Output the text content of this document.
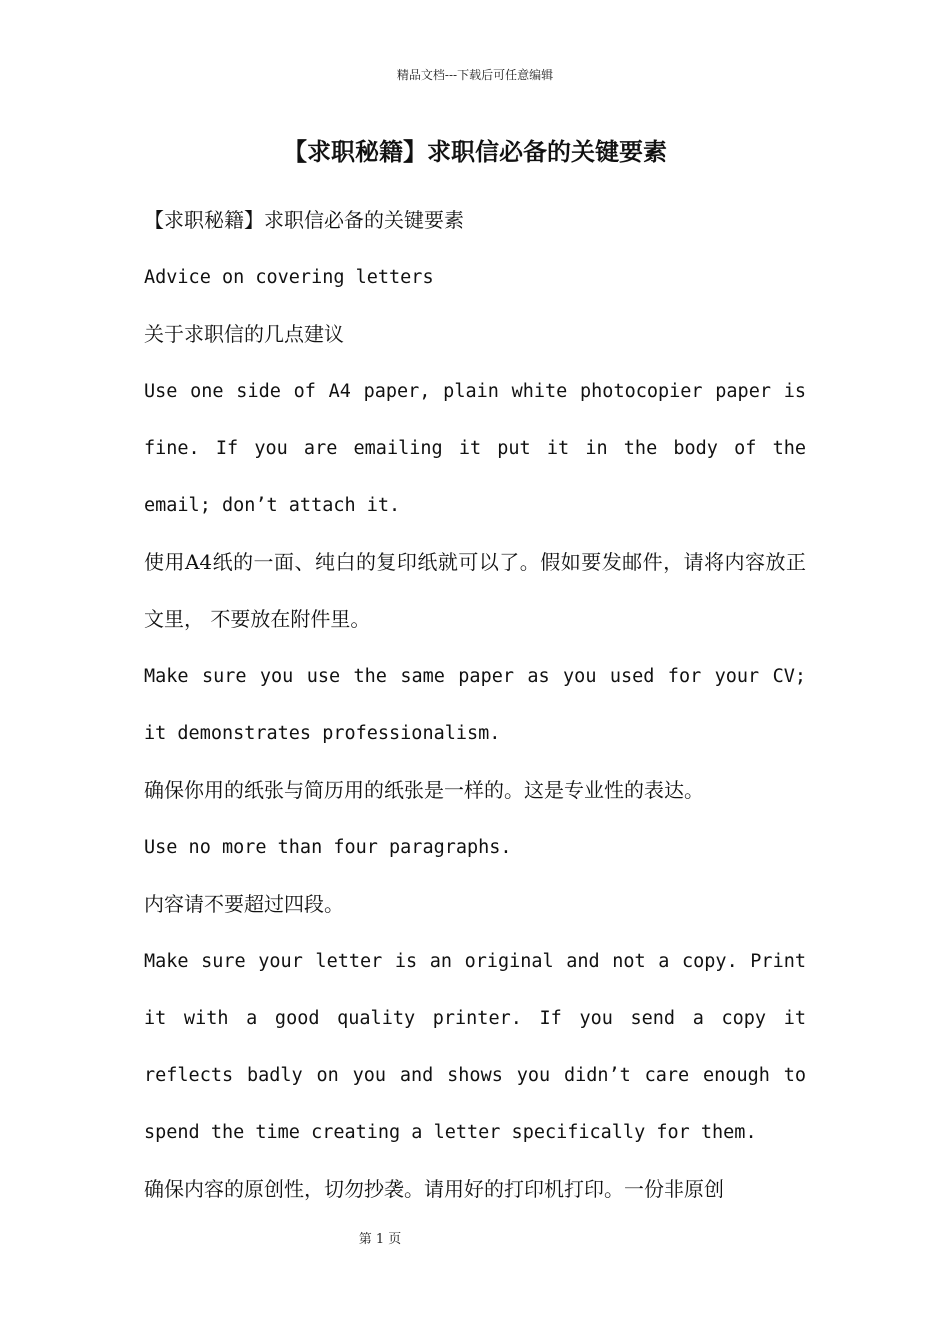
精品文档---下载后可任意编辑
【求职秘籍】求职信必备的关键要素

【求职秘籍】求职信必备的关键要素

Advice on covering letters

关于求职信的几点建议

Use one side of A4 paper, plain white photocopier paper is fine. If you are emailing it put it in the body of the email; don’t attach it.

使用A4纸的一面、纯白的复印纸就可以了。假如要发邮件，请将内容放正文里， 不要放在附件里。

Make sure you use the same paper as you used for your CV; it demonstrates professionalism.

确保你用的纸张与简历用的纸张是一样的。这是专业性的表达。

Use no more than four paragraphs.

内容请不要超过四段。

Make sure your letter is an original and not a copy. Print it with a good quality printer. If you send a copy it reflects badly on you and shows you didn’t care enough to spend the time creating a letter specifically for them.

确保内容的原创性，切勿抄袭。请用好的打印机打印。一份非原创

第 1 页
